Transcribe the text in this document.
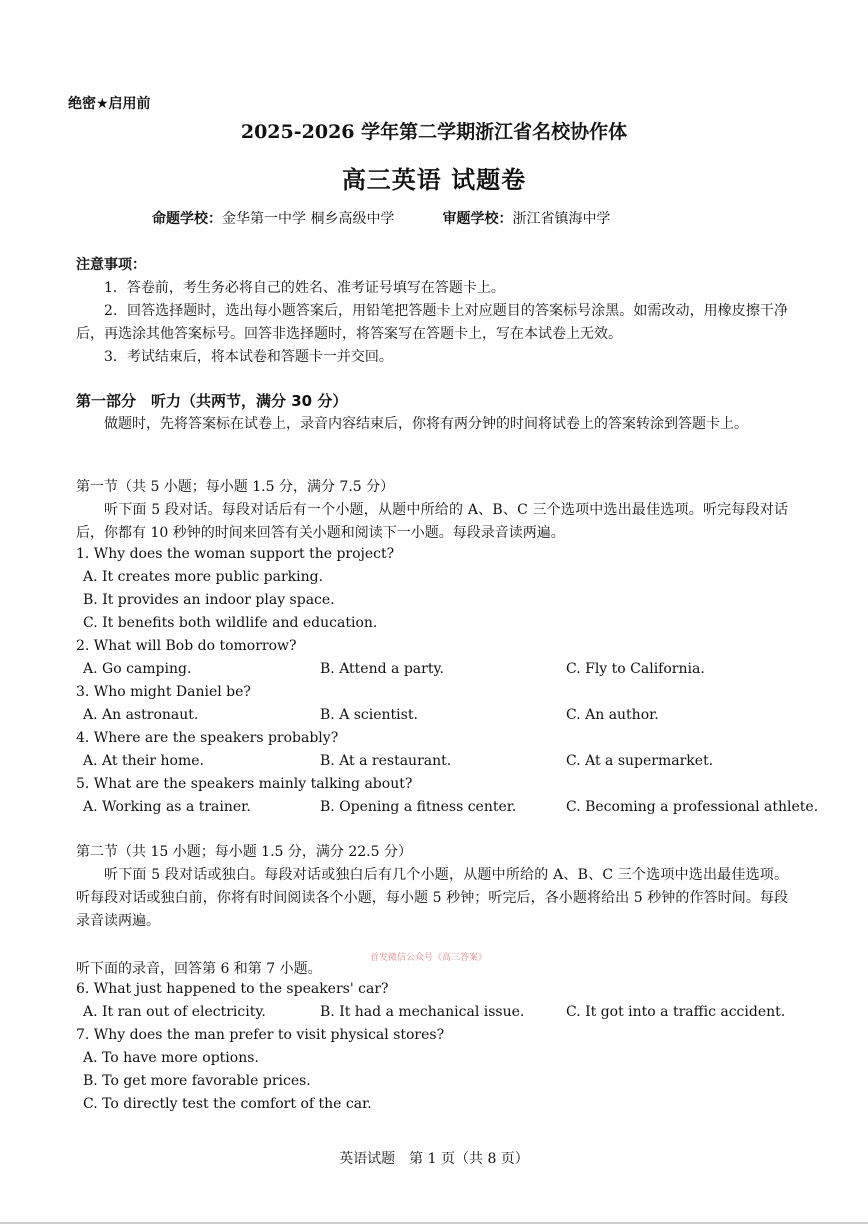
绝密★启用前
2025-2026 学年第二学期浙江省名校协作体
高三英语 试题卷
命题学校：金华第一中学 桐乡高级中学	审题学校：浙江省镇海中学
注意事项：
1．答卷前，考生务必将自己的姓名、准考证号填写在答题卡上。
2．回答选择题时，选出每小题答案后，用铅笔把答题卡上对应题目的答案标号涂黑。如需改动，用橡皮擦干净后，再选涂其他答案标号。回答非选择题时，将答案写在答题卡上，写在本试卷上无效。
3．考试结束后，将本试卷和答题卡一并交回。
第一部分　听力（共两节，满分 30 分）
做题时，先将答案标在试卷上，录音内容结束后，你将有两分钟的时间将试卷上的答案转涂到答题卡上。
第一节（共 5 小题；每小题 1.5 分，满分 7.5 分）
听下面 5 段对话。每段对话后有一个小题，从题中所给的 A、B、C 三个选项中选出最佳选项。听完每段对话后，你都有 10 秒钟的时间来回答有关小题和阅读下一小题。每段录音读两遍。
1. Why does the woman support the project?
A. It creates more public parking.
B. It provides an indoor play space.
C. It benefits both wildlife and education.
2. What will Bob do tomorrow?
A. Go camping.	B. Attend a party.	C. Fly to California.
3. Who might Daniel be?
A. An astronaut.	B. A scientist.	C. An author.
4. Where are the speakers probably?
A. At their home.	B. At a restaurant.	C. At a supermarket.
5. What are the speakers mainly talking about?
A. Working as a trainer.	B. Opening a fitness center.	C. Becoming a professional athlete.
第二节（共 15 小题；每小题 1.5 分，满分 22.5 分）
听下面 5 段对话或独白。每段对话或独白后有几个小题，从题中所给的 A、B、C 三个选项中选出最佳选项。听每段对话或独白前，你将有时间阅读各个小题，每小题 5 秒钟；听完后，各小题将给出 5 秒钟的作答时间。每段录音读两遍。
首发微信公众号《高三答案》
听下面的录音，回答第 6 和第 7 小题。
6. What just happened to the speakers' car?
A. It ran out of electricity.	B. It had a mechanical issue.	C. It got into a traffic accident.
7. Why does the man prefer to visit physical stores?
A. To have more options.
B. To get more favorable prices.
C. To directly test the comfort of the car.
英语试题　第 1 页（共 8 页）
